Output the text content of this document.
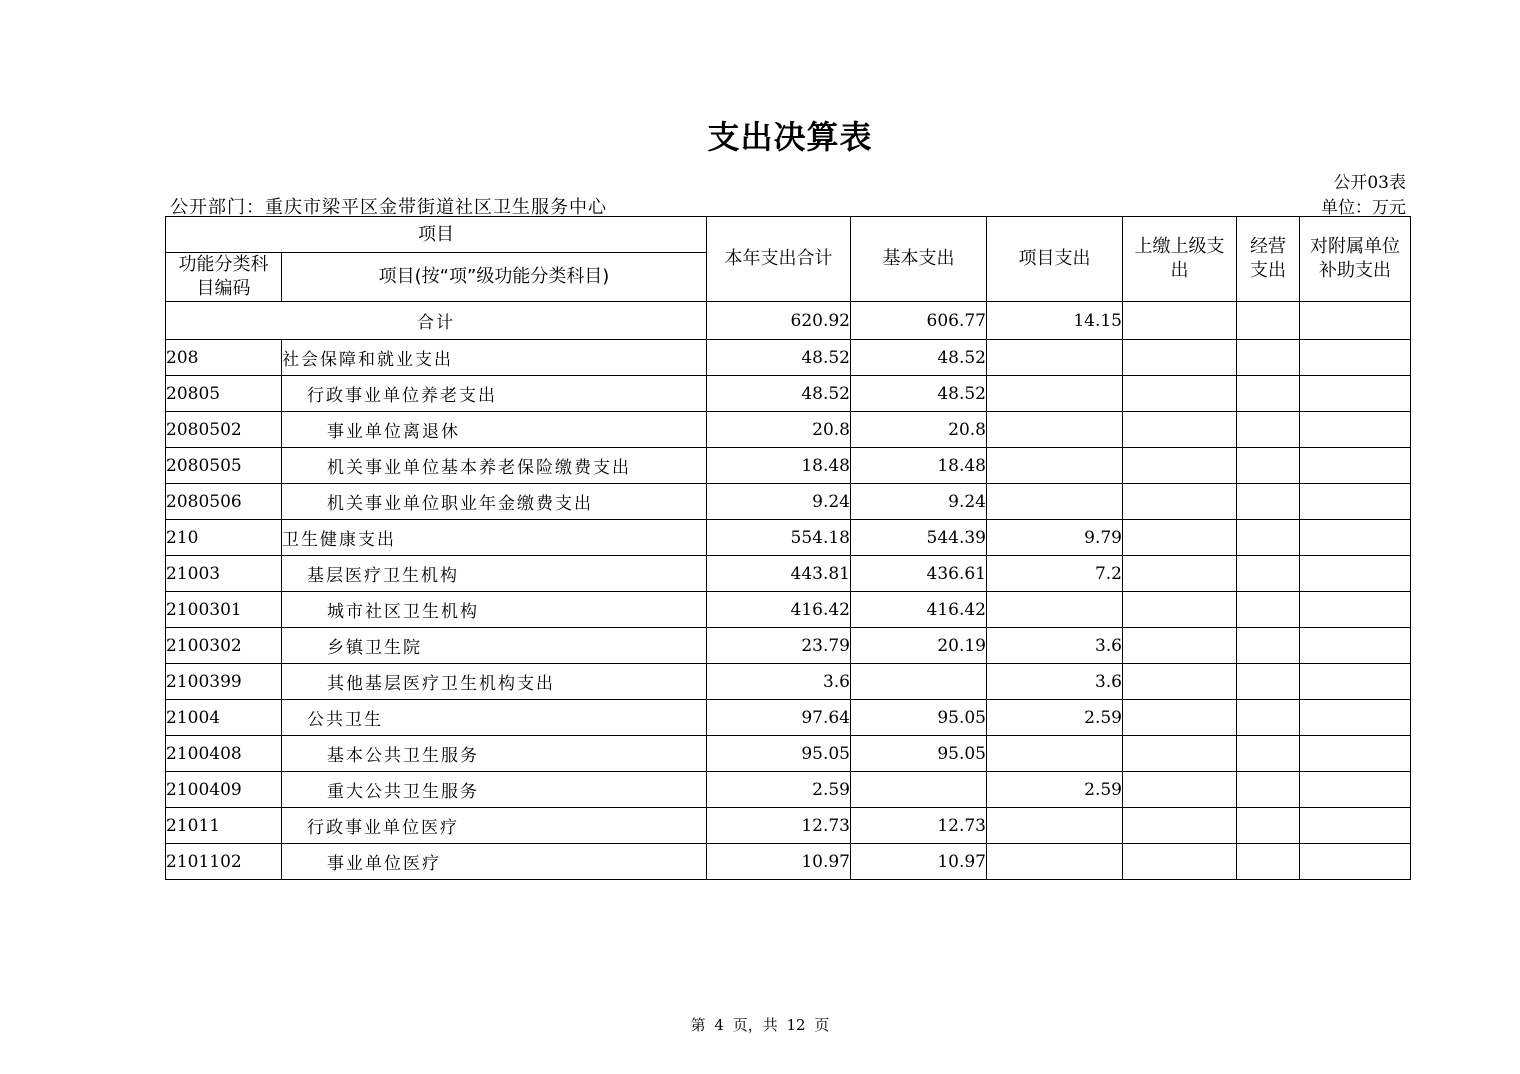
支出决算表
公开03表
公开部门：重庆市梁平区金带街道社区卫生服务中心	单位：万元
项目		本年支出合计	基本支出	项目支出	上缴上级支出	经营支出	对附属单位补助支出
功能分类科目编码	项目(按“项”级功能分类科目)						
合计		620.92	606.77	14.15			
208	社会保障和就业支出	48.52	48.52				
20805	行政事业单位养老支出	48.52	48.52				
2080502	事业单位离退休	20.8	20.8				
2080505	机关事业单位基本养老保险缴费支出	18.48	18.48				
2080506	机关事业单位职业年金缴费支出	9.24	9.24				
210	卫生健康支出	554.18	544.39	9.79			
21003	基层医疗卫生机构	443.81	436.61	7.2			
2100301	城市社区卫生机构	416.42	416.42				
2100302	乡镇卫生院	23.79	20.19	3.6			
2100399	其他基层医疗卫生机构支出	3.6		3.6			
21004	公共卫生	97.64	95.05	2.59			
2100408	基本公共卫生服务	95.05	95.05				
2100409	重大公共卫生服务	2.59		2.59			
21011	行政事业单位医疗	12.73	12.73				
2101102	事业单位医疗	10.97	10.97				
第 4 页，共 12 页
